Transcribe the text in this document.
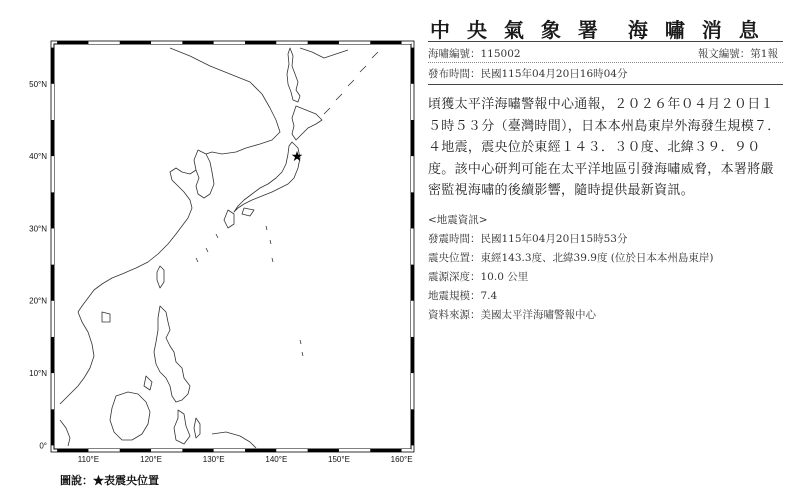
★
50°N
40°N
30°N
20°N
10°N
0°
110°E	120°E	130°E	140°E	150°E	160°E
圖說：★表震央位置
中 央 氣 象 署　海 嘯 消 息
海嘯編號：115002	報文編號：第1報
發布時間：民國115年04月20日16時04分
頃獲太平洋海嘯警報中心通報，２０２６年０４月２０日１５時５３分（臺灣時間），日本本州島東岸外海發生規模７．４地震，震央位於東經１４３．３０度、北緯３９．９０度。該中心研判可能在太平洋地區引發海嘯威脅，本署將嚴密監視海嘯的後續影響，隨時提供最新資訊。
<地震資訊>
發震時間：民國115年04月20日15時53分
震央位置：東經143.3度、北緯39.9度 (位於日本本州島東岸)
震源深度：10.0 公里
地震規模：7.4
資料來源：美國太平洋海嘯警報中心
